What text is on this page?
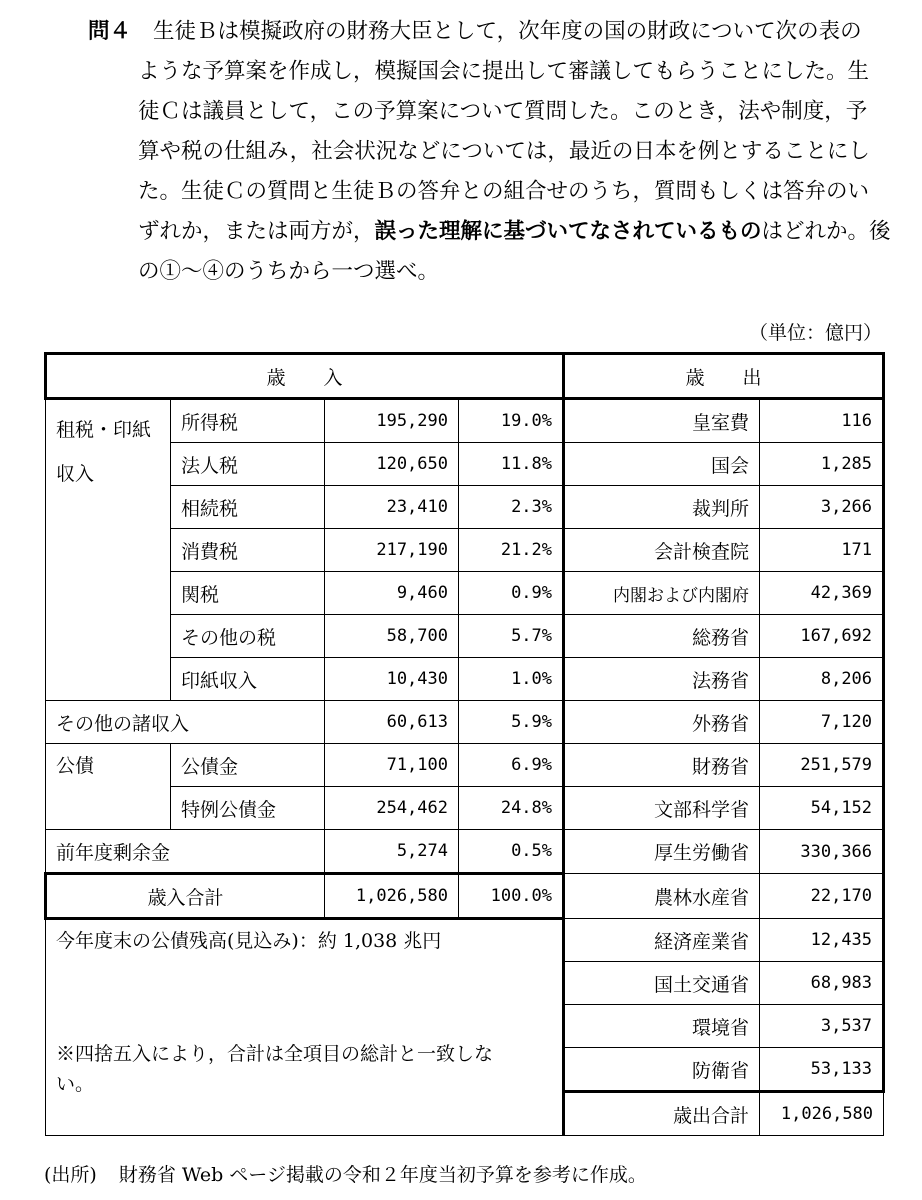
問４ 生徒Ｂは模擬政府の財務大臣として，次年度の国の財政について次の表の
ような予算案を作成し，模擬国会に提出して審議してもらうことにした。生
徒Ｃは議員として，この予算案について質問した。このとき，法や制度，予
算や税の仕組み，社会状況などについては，最近の日本を例とすることにし
た。生徒Ｃの質問と生徒Ｂの答弁との組合せのうち，質問もしくは答弁のい
ずれか，または両方が，誤った理解に基づいてなされているものはどれか。後
の①～④のうちから一つ選べ。
（単位：億円）
歳　　入				歳　　出	
租税・印紙収入	所得税	195,290	19.0%	皇室費	116
	法人税	120,650	11.8%	国会	1,285
	相続税	23,410	2.3%	裁判所	3,266
	消費税	217,190	21.2%	会計検査院	171
	関税	9,460	0.9%	内閣および内閣府	42,369
	その他の税	58,700	5.7%	総務省	167,692
	印紙収入	10,430	1.0%	法務省	8,206
その他の諸収入		60,613	5.9%	外務省	7,120
公債	公債金	71,100	6.9%	財務省	251,579
	特例公債金	254,462	24.8%	文部科学省	54,152
前年度剰余金		5,274	0.5%	厚生労働省	330,366
歳入合計		1,026,580	100.0%	農林水産省	22,170

今年度末の公債残高(見込み)：約 1,038 兆円
※四捨五入により，合計は全項目の総計と一致しない。				経済産業省	12,435
				国土交通省	68,983
				環境省	3,537
				防衛省	53,133
				歳出合計	1,026,580
(出所) 財務省 Web ページ掲載の令和２年度当初予算を参考に作成。
